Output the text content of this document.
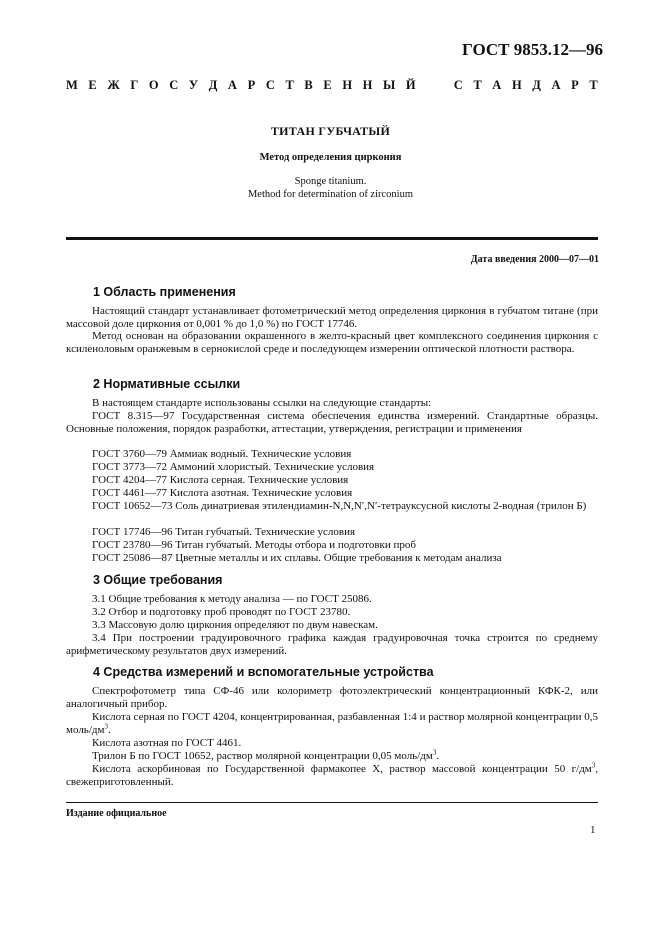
ГОСТ 9853.12—96
М Е Ж Г О С У Д А Р С Т В Е Н Н Ы Й

	С Т А Н Д А Р Т
ТИТАН ГУБЧАТЫЙ
Метод определения циркония
Sponge titanium.
Method for determination of zirconium
Дата введения 2000—07—01
1 Область применения
Настоящий стандарт устанавливает фотометрический метод определения циркония в губчатом титане (при массовой доле циркония от 0,001 % до 1,0 %) по ГОСТ 17746.
Метод основан на образовании окрашенного в желто-красный цвет комплексного соединения циркония с ксиленоловым оранжевым в сернокислой среде и последующем измерении оптической плотности раствора.
2 Нормативные ссылки
В настоящем стандарте использованы ссылки на следующие стандарты:
ГОСТ 8.315—97 Государственная система обеспечения единства измерений. Стандартные образцы. Основные положения, порядок разработки, аттестации, утверждения, регистрации и применения
ГОСТ 3760—79 Аммиак водный. Технические условия
ГОСТ 3773—72 Аммоний хлористый. Технические условия
ГОСТ 4204—77 Кислота серная. Технические условия
ГОСТ 4461—77 Кислота азотная. Технические условия
ГОСТ 10652—73 Соль динатриевая этилендиамин-N,N,N′,N′-тетрауксусной кислоты 2-водная (трилон Б)
ГОСТ 17746—96 Титан губчатый. Технические условия
ГОСТ 23780—96 Титан губчатый. Методы отбора и подготовки проб
ГОСТ 25086—87 Цветные металлы и их сплавы. Общие требования к методам анализа
3 Общие требования
3.1 Общие требования к методу анализа — по ГОСТ 25086.
3.2 Отбор и подготовку проб проводят по ГОСТ 23780.
3.3 Массовую долю циркония определяют по двум навескам.
3.4 При построении градуировочного графика каждая градуировочная точка строится по среднему арифметическому результатов двух измерений.
4 Средства измерений и вспомогательные устройства
Спектрофотометр типа СФ-46 или колориметр фотоэлектрический концентрационный КФК-2, или аналогичный прибор.
Кислота серная по ГОСТ 4204, концентрированная, разбавленная 1:4 и раствор молярной концентрации 0,5 моль/$дм^3$.
Кислота азотная по ГОСТ 4461.
Трилон Б по ГОСТ 10652, раствор молярной концентрации 0,05 моль/$дм^3$.
Кислота аскорбиновая по Государственной фармакопее X, раствор массовой концентрации 50 $г/дм^3$, свежеприготовленный.
Издание официальное
1
